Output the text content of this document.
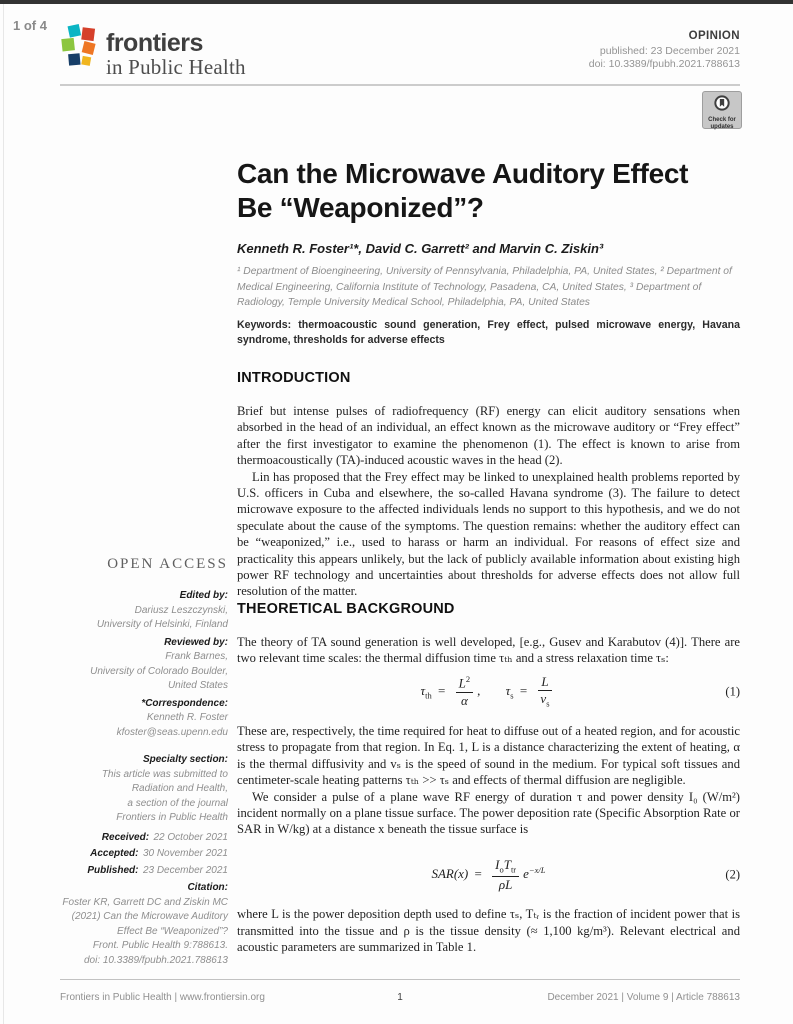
1 of 4
frontiers
in Public Health
OPINION
published: 23 December 2021
doi: 10.3389/fpubh.2021.788613
Check for
updates
Can the Microwave Auditory Effect
Be “Weaponized”?
Kenneth R. Foster¹*, David C. Garrett² and Marvin C. Ziskin³
¹ Department of Bioengineering, University of Pennsylvania, Philadelphia, PA, United States, ² Department of Medical Engineering, California Institute of Technology, Pasadena, CA, United States, ³ Department of Radiology, Temple University Medical School, Philadelphia, PA, United States
Keywords: thermoacoustic sound generation, Frey effect, pulsed microwave energy, Havana syndrome, thresholds for adverse effects
INTRODUCTION

Brief but intense pulses of radiofrequency (RF) energy can elicit auditory sensations when absorbed in the head of an individual, an effect known as the microwave auditory or “Frey effect” after the first investigator to examine the phenomenon (1). The effect is known to arise from thermoacoustically (TA)-induced acoustic waves in the head (2).

Lin has proposed that the Frey effect may be linked to unexplained health problems reported by U.S. officers in Cuba and elsewhere, the so-called Havana syndrome (3). The failure to detect microwave exposure to the affected individuals lends no support to this hypothesis, and we do not speculate about the cause of the symptoms. The question remains: whether the auditory effect can be “weaponized,” i.e., used to harass or harm an individual. For reasons of effect size and practicality this appears unlikely, but the lack of publicly available information about existing high power RF technology and uncertainties about thresholds for adverse effects does not allow full resolution of the matter.

THEORETICAL BACKGROUND

The theory of TA sound generation is well developed, [e.g., Gusev and Karabutov (4)]. There are two relevant time scales: the thermal diffusion time τₜₕ and a stress relaxation time τₛ:

$\tau_{th} = \frac{L^2}{\alpha}$ , $\tau_s = \frac{L}{v_s}$	(1)

These are, respectively, the time required for heat to diffuse out of a heated region, and for acoustic stress to propagate from that region. In Eq. 1, L is a distance characterizing the extent of heating, α is the thermal diffusivity and vₛ is the speed of sound in the medium. For typical soft tissues and centimeter-scale heating patterns τₜₕ >> τₛ and effects of thermal diffusion are negligible.

We consider a pulse of a plane wave RF energy of duration τ and power density I₀ (W/m²) incident normally on a plane tissue surface. The power deposition rate (Specific Absorption Rate or SAR in W/kg) at a distance x beneath the tissue surface is

$SAR(x) = \frac{I_oT_{tr}}{\rho L} e^{-x/L}$	(2)

where L is the power deposition depth used to define τₛ, Tₜᵣ is the fraction of incident power that is transmitted into the tissue and ρ is the tissue density (≈ 1,100 kg/m³). Relevant electrical and acoustic parameters are summarized in Table 1.

OPEN ACCESS
Edited by:
Dariusz Leszczynski,
University of Helsinki, Finland
Reviewed by:
Frank Barnes,
University of Colorado Boulder,
United States
*Correspondence:
Kenneth R. Foster
kfoster@seas.upenn.edu
Specialty section:
This article was submitted to
Radiation and Health,
a section of the journal
Frontiers in Public Health
Received: 22 October 2021
Accepted: 30 November 2021
Published: 23 December 2021
Citation:
Foster KR, Garrett DC and Ziskin MC
(2021) Can the Microwave Auditory
Effect Be “Weaponized”?
Front. Public Health 9:788613.
doi: 10.3389/fpubh.2021.788613
1
Frontiers in Public Health | www.frontiersin.org	December 2021 | Volume 9 | Article 788613
